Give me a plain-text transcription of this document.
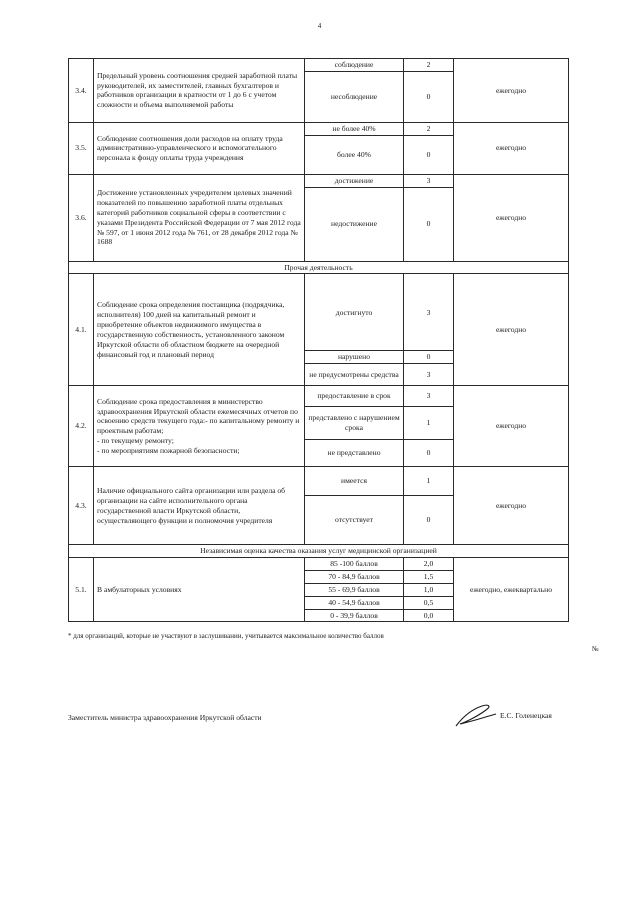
4
3.4.	Предельный уровень соотношения средней заработной платы руководителей, их заместителей, главных бухгалтеров и работников организации в кратности от 1 до 6 с учетом сложности и объема выполняемой работы	соблюдение	2	ежегодно
		несоблюдение	0	
3.5.	Соблюдение соотношения доли расходов на оплату труда административно-управленческого и вспомогательного персонала к фонду оплаты труда учреждения	не более 40%	2	ежегодно
		более 40%	0	
3.6.	Достижение установленных учредителем целевых значений показателей по повышению заработной платы отдельных категорий работников социальной сферы в соответствии с указами Президента Российской Федерации от 7 мая 2012 года № 597, от 1 июня 2012 года № 761, от 28 декабря 2012 года № 1688	достижение	3	ежегодно
		недостижение	0	
Прочая деятельность				
4.1.	Соблюдение срока определения поставщика (подрядчика, исполнителя) 100 дней на капитальный ремонт и приобретение объектов недвижимого имущества в государственную собственность, установленного законом Иркутской области об областном бюджете на очередной финансовый год и плановый период	достигнуто	3	ежегодно
		нарушено	0	
		не предусмотрены средства	3	
4.2.	Соблюдение срока предоставления в министерство здравоохранения Иркутской области ежемесячных отчетов по освоению средств текущего года:- по капитальному ремонту и проектным работам;
- по текущему ремонту;
- по мероприятиям пожарной безопасности;	предоставление в срок	3	ежегодно
		представлено с нарушением срока	1	
		не представлено	0	
4.3.	Наличие официального сайта организации или раздела об организации на сайте исполнительного органа государственной власти Иркутской области, осуществляющего функции и полномочия учредителя	имеется	1	ежегодно
		отсутствует	0	
Независимая оценка качества оказания услуг медицинской организацией				
5.1.	В амбулаторных условиях	85 -100 баллов	2,0	ежегодно, ежеквартально
		70 - 84,9 баллов	1,5	
		55 - 69,9 баллов	1,0	
		40 - 54,9 баллов	0,5	
		0 - 39,9 баллов	0,0	
* для организаций, которые не участвуют в заслушивании, учитывается максимальное количество баллов
№
Заместитель министра здравоохранения Иркутской области	Е.С. Голенецкая
